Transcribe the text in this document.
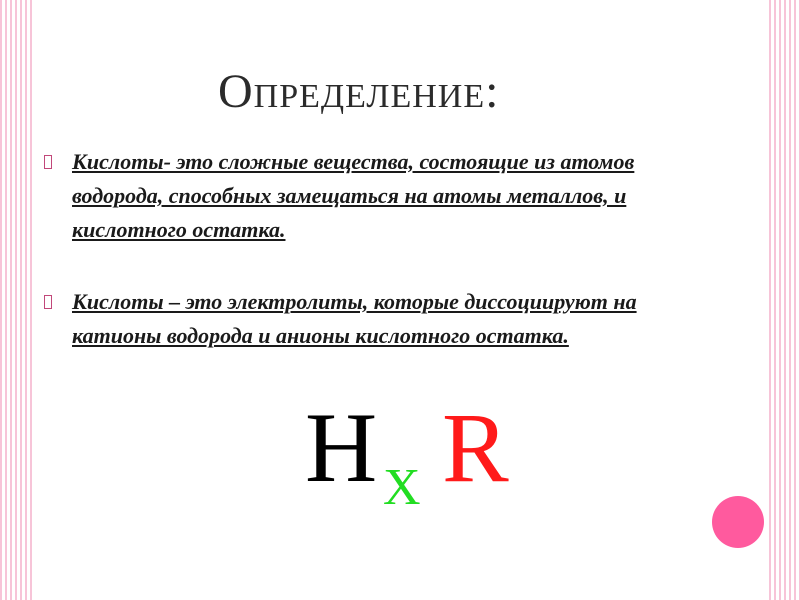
Определение:
Кислоты- это сложные вещества, состоящие из атомов водорода, способных замещаться на атомы металлов, и кислотного остатка.
Кислоты – это электролиты, которые диссоциируют на катионы водорода и анионы кислотного остатка.
H X R
